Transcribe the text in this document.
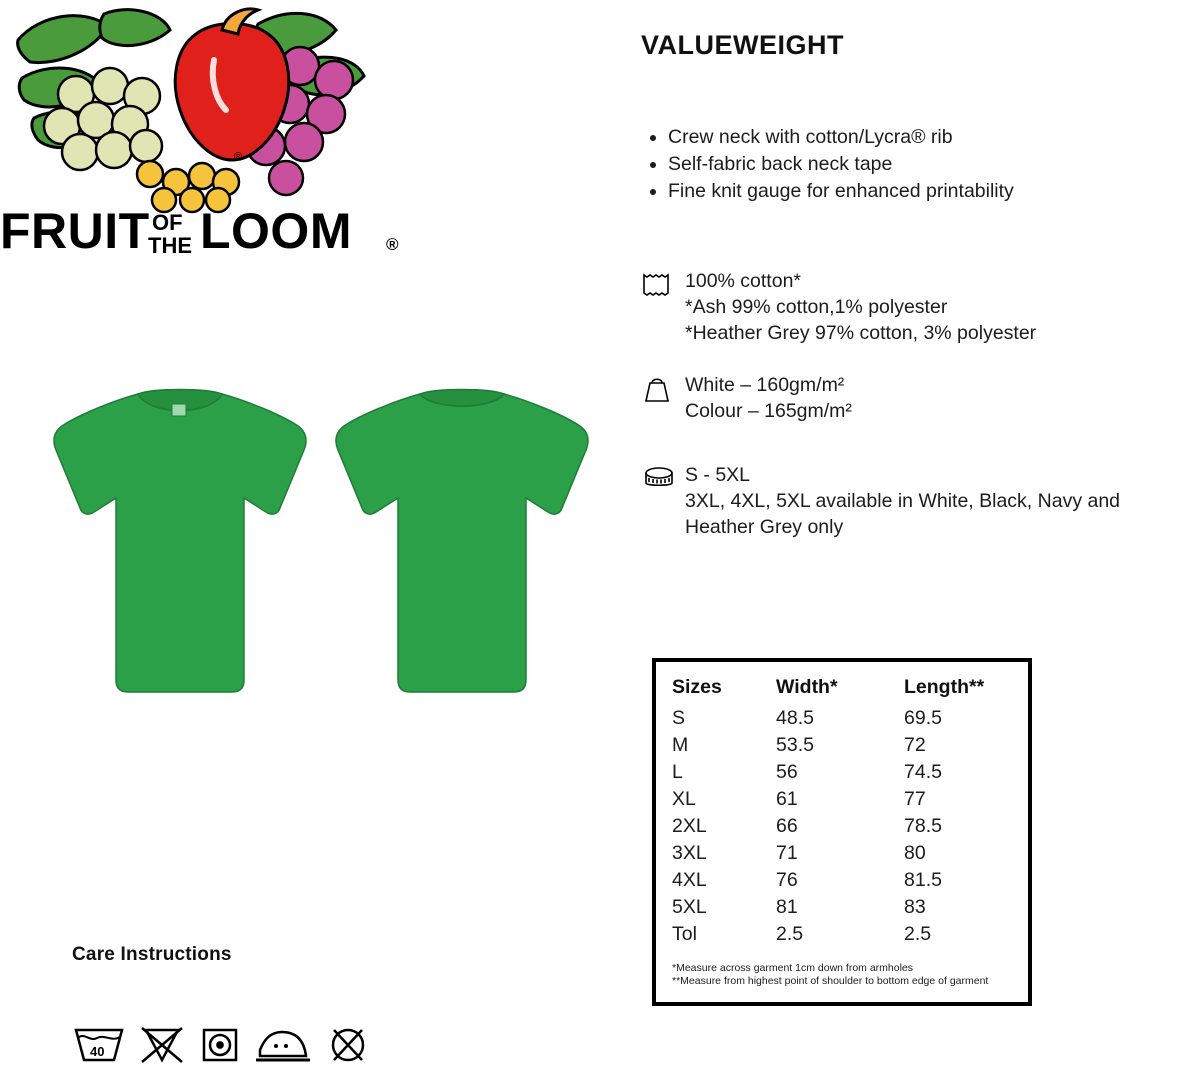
®
FRUIT OF
THE LOOM ®
Care Instructions
40
VALUEWEIGHT
Crew neck with cotton/Lycra® rib
Self-fabric back neck tape
Fine knit gauge for enhanced printability
100% cotton*
*Ash 99% cotton,1% polyester
*Heather Grey 97% cotton, 3% polyester
White – 160gm/m²
Colour – 165gm/m²
S - 5XL
3XL, 4XL, 5XL available in White, Black, Navy and
Heather Grey only
Sizes	Width*	Length**
S	48.5	69.5
M	53.5	72
L	56	74.5
XL	61	77
2XL	66	78.5
3XL	71	80
4XL	76	81.5
5XL	81	83
Tol	2.5	2.5
*Measure across garment 1cm down from armholes
**Measure from highest point of shoulder to bottom edge of garment
